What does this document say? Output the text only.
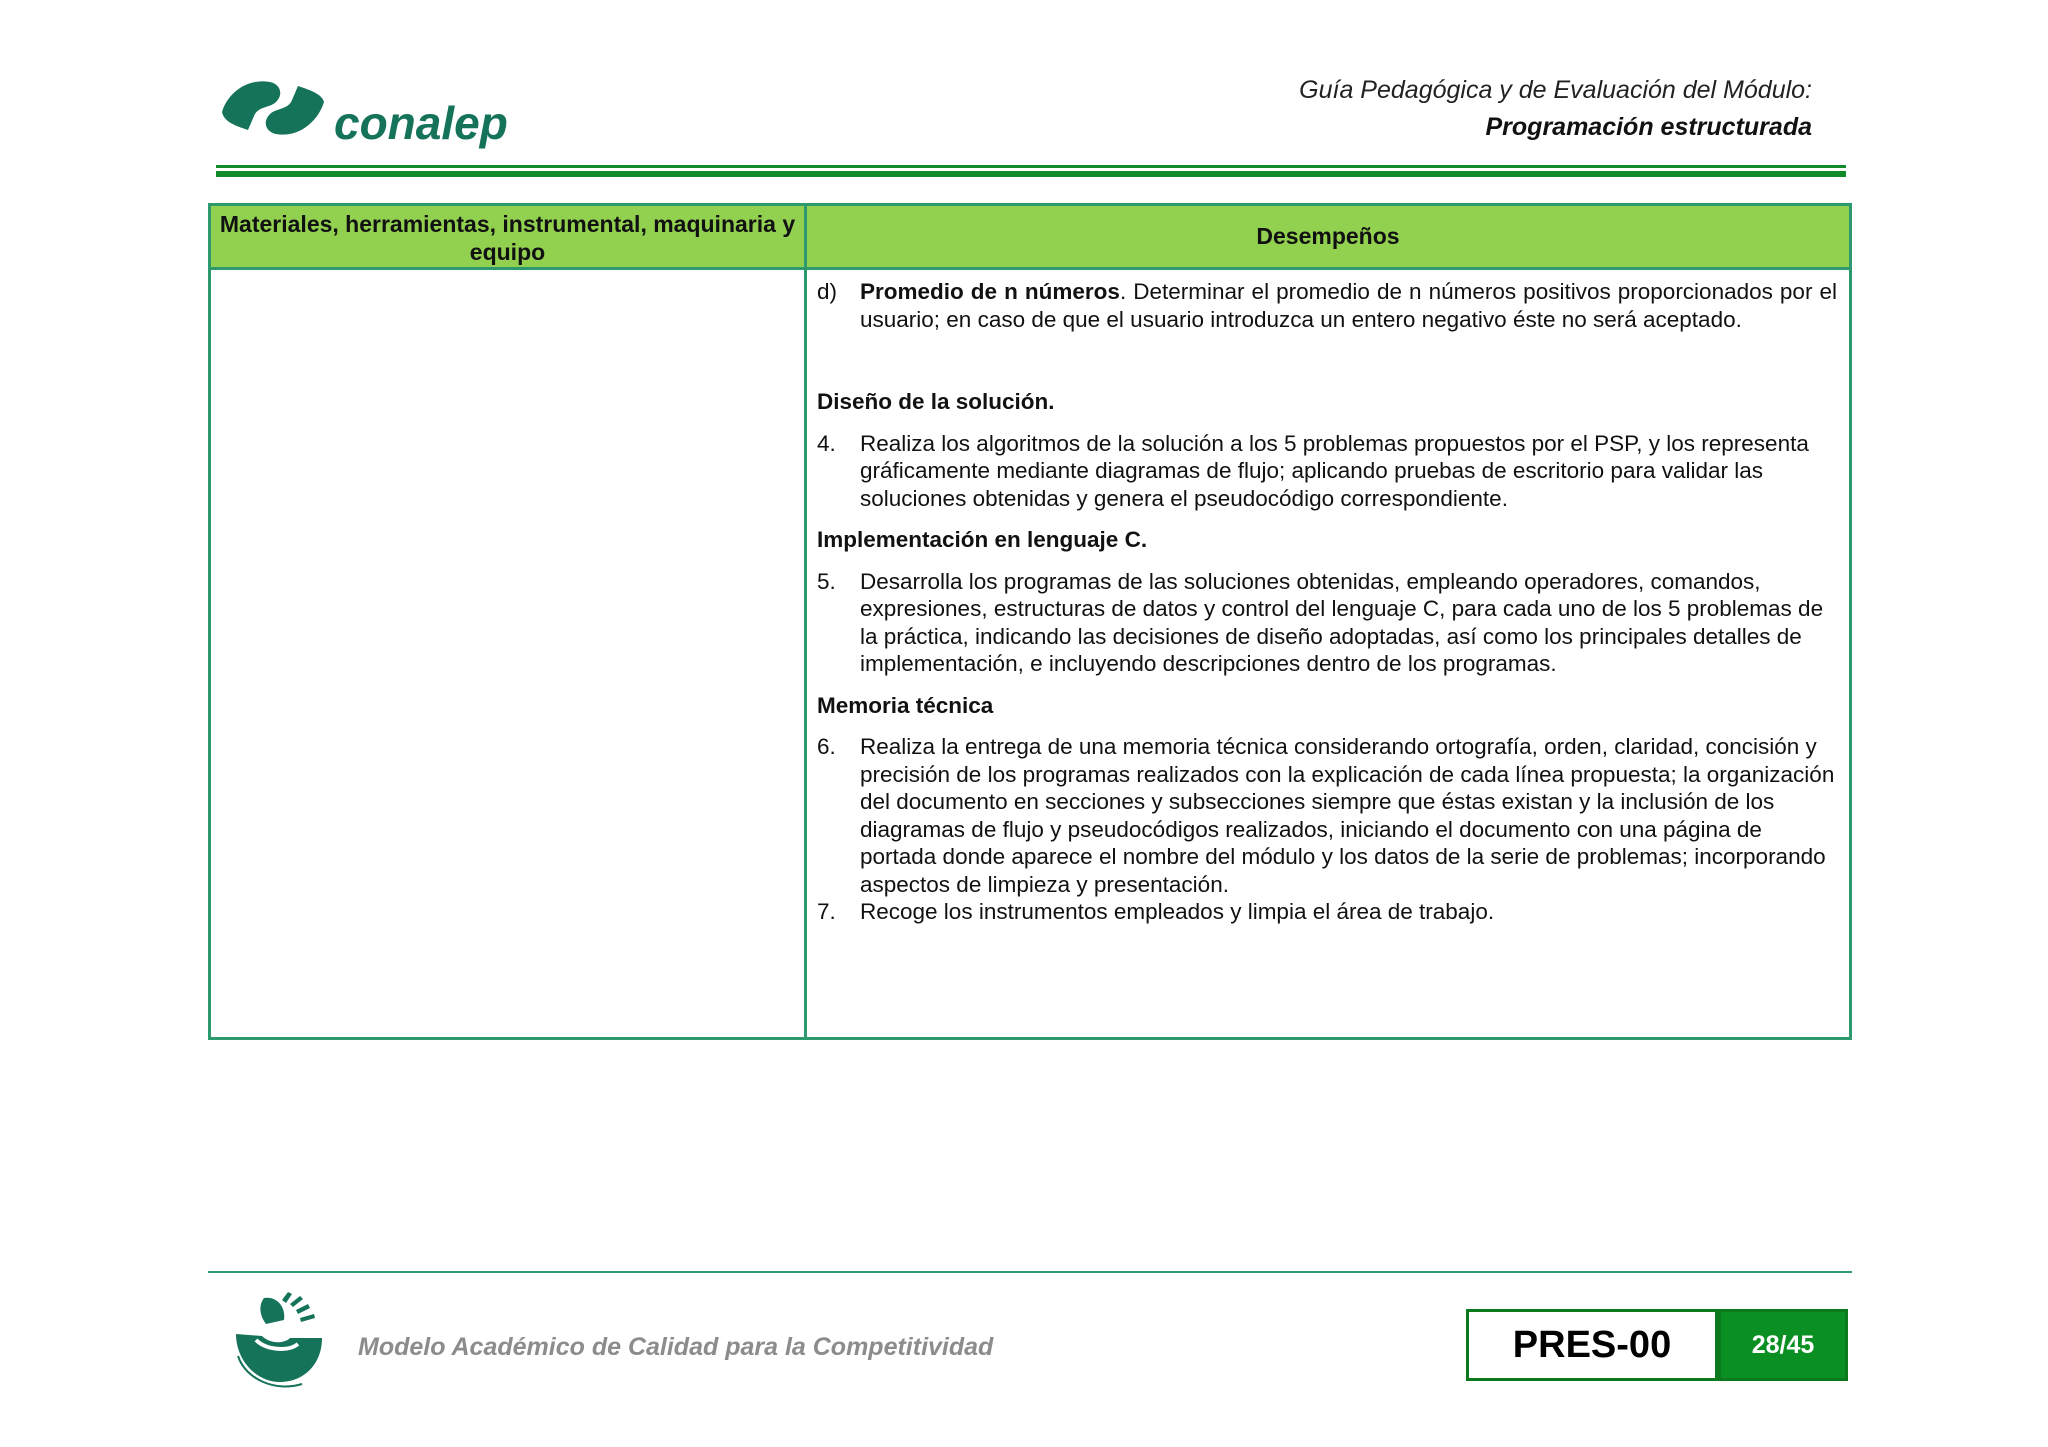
conalep
Guía Pedagógica y de Evaluación del Módulo:
Programación estructurada
Materiales, herramientas, instrumental, maquinaria y equipo
Desempeños
d)	Promedio de n números. Determinar el promedio de n números positivos proporcionados por el usuario; en caso de que el usuario introduzca un entero negativo éste no será aceptado.
Diseño de la solución.
4.	Realiza los algoritmos de la solución a los 5 problemas propuestos por el PSP, y los representa gráficamente mediante diagramas de flujo; aplicando pruebas de escritorio para validar las soluciones obtenidas y genera el pseudocódigo correspondiente.
Implementación en lenguaje C.
5.	Desarrolla los programas de las soluciones obtenidas, empleando operadores, comandos, expresiones, estructuras de datos y control del lenguaje C, para cada uno de los 5 problemas de la práctica, indicando las decisiones de diseño adoptadas, así como los principales detalles de implementación, e incluyendo descripciones dentro de los programas.
Memoria técnica
6.	Realiza la entrega de una memoria técnica considerando ortografía, orden, claridad, concisión y precisión de los programas realizados con la explicación de cada línea propuesta; la organización del documento en secciones y subsecciones siempre que éstas existan y la inclusión de los diagramas de flujo y pseudocódigos realizados, iniciando el documento con una página de portada donde aparece el nombre del módulo y los datos de la serie de problemas; incorporando aspectos de limpieza y presentación.
7.	Recoge los instrumentos empleados y limpia el área de trabajo.
Modelo Académico de Calidad para la Competitividad	PRES-00	28/45
